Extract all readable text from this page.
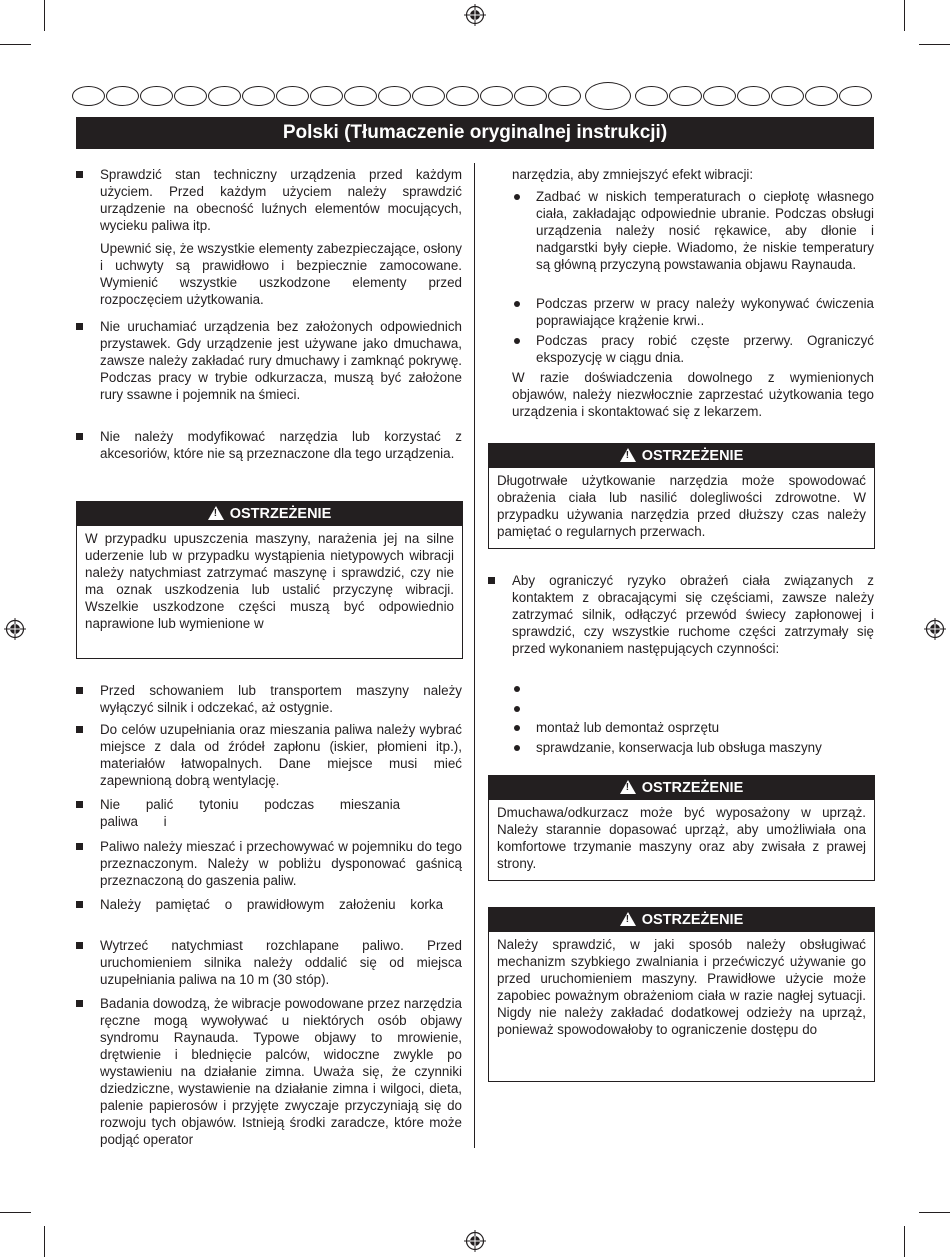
Polski (Tłumaczenie oryginalnej instrukcji)
Sprawdzić stan techniczny urządzenia przed każdym użyciem. Przed każdym użyciem należy sprawdzić urządzenie na obecność luźnych elementów mocujących, wycieku paliwa itp.

Upewnić się, że wszystkie elementy zabezpieczające, osłony i uchwyty są prawidłowo i bezpiecznie zamocowane. Wymienić wszystkie uszkodzone elementy przed rozpoczęciem użytkowania.

Nie uruchamiać urządzenia bez założonych odpowiednich przystawek. Gdy urządzenie jest używane jako dmuchawa, zawsze należy zakładać rury dmuchawy i zamknąć pokrywę. Podczas pracy w trybie odkurzacza, muszą być założone rury ssawne i pojemnik na śmieci.
Nie należy modyfikować narzędzia lub korzystać z akcesoriów, które nie są przeznaczone dla tego urządzenia.
! OSTRZEŻENIE
W przypadku upuszczenia maszyny, narażenia jej na silne uderzenie lub w przypadku wystąpienia nietypowych wibracji należy natychmiast zatrzymać maszynę i sprawdzić, czy nie ma oznak uszkodzenia lub ustalić przyczynę wibracji. Wszelkie uszkodzone części muszą być odpowiednio naprawione lub wymienione w
Przed schowaniem lub transportem maszyny należy wyłączyć silnik i odczekać, aż ostygnie.
Do celów uzupełniania oraz mieszania paliwa należy wybrać miejsce z dala od źródeł zapłonu (iskier, płomieni itp.), materiałów łatwopalnych. Dane miejsce musi mieć zapewnioną dobrą wentylację.
Nie palić tytoniu podczas mieszania paliwa i
Paliwo należy mieszać i przechowywać w pojemniku do tego przeznaczonym. Należy w pobliżu dysponować gaśnicą przeznaczoną do gaszenia paliw.
Należy pamiętać o prawidłowym założeniu korka
Wytrzeć natychmiast rozchlapane paliwo. Przed uruchomieniem silnika należy oddalić się od miejsca uzupełniania paliwa na 10 m (30 stóp).
Badania dowodzą, że wibracje powodowane przez narzędzia ręczne mogą wywoływać u niektórych osób objawy syndromu Raynauda. Typowe objawy to mrowienie, drętwienie i blednięcie palców, widoczne zwykle po wystawieniu na działanie zimna. Uważa się, że czynniki dziedziczne, wystawienie na działanie zimna i wilgoci, dieta, palenie papierosów i przyjęte zwyczaje przyczyniają się do rozwoju tych objawów. Istnieją środki zaradcze, które może podjąć operator

narzędzia, aby zmniejszyć efekt wibracji:

Zadbać w niskich temperaturach o ciepłotę własnego ciała, zakładając odpowiednie ubranie. Podczas obsługi urządzenia należy nosić rękawice, aby dłonie i nadgarstki były ciepłe. Wiadomo, że niskie temperatury są główną przyczyną powstawania objawu Raynauda.
Podczas przerw w pracy należy wykonywać ćwiczenia poprawiające krążenie krwi..
Podczas pracy robić częste przerwy. Ograniczyć ekspozycję w ciągu dnia.

W razie doświadczenia dowolnego z wymienionych objawów, należy niezwłocznie zaprzestać użytkowania tego urządzenia i skontaktować się z lekarzem.

! OSTRZEŻENIE
Długotrwałe użytkowanie narzędzia może spowodować obrażenia ciała lub nasilić dolegliwości zdrowotne. W przypadku używania narzędzia przed dłuższy czas należy pamiętać o regularnych przerwach.
Aby ograniczyć ryzyko obrażeń ciała związanych z kontaktem z obracającymi się częściami, zawsze należy zatrzymać silnik, odłączyć przewód świecy zapłonowej i sprawdzić, czy wszystkie ruchome części zatrzymały się przed wykonaniem następujących czynności:
montaż lub demontaż osprzętu
sprawdzanie, konserwacja lub obsługa maszyny
! OSTRZEŻENIE
Dmuchawa/odkurzacz może być wyposażony w uprząż. Należy starannie dopasować uprząż, aby umożliwiała ona komfortowe trzymanie maszyny oraz aby zwisała z prawej strony.
! OSTRZEŻENIE
Należy sprawdzić, w jaki sposób należy obsługiwać mechanizm szybkiego zwalniania i przećwiczyć używanie go przed uruchomieniem maszyny. Prawidłowe użycie może zapobiec poważnym obrażeniom ciała w razie nagłej sytuacji. Nigdy nie należy zakładać dodatkowej odzieży na uprząż, ponieważ spowodowałoby to ograniczenie dostępu do
